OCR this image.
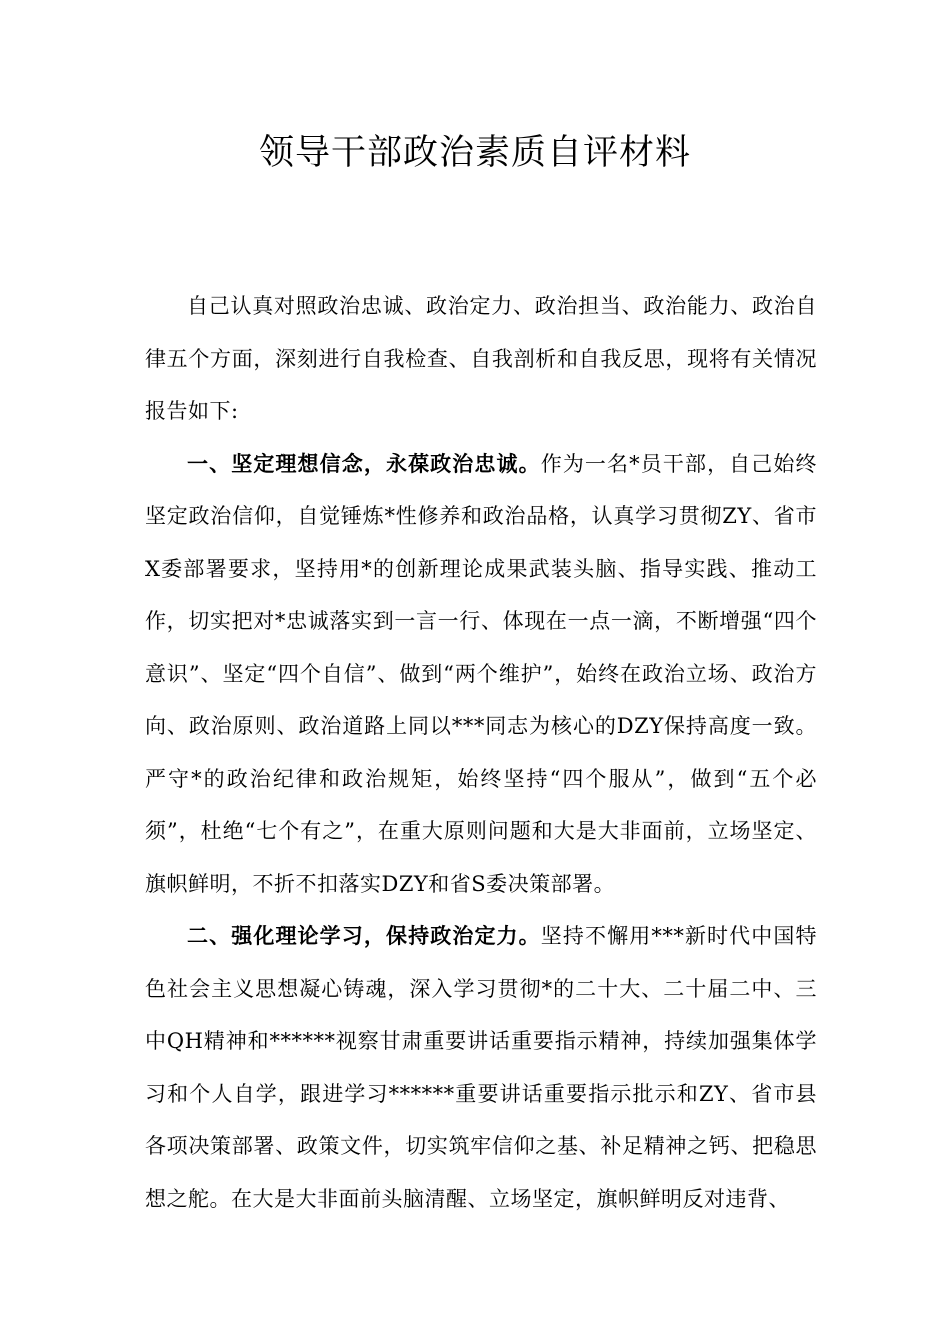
领导干部政治素质自评材料

自己认真对照政治忠诚、政治定力、政治担当、政治能力、政治自律五个方面，深刻进行自我检查、自我剖析和自我反思，现将有关情况报告如下:

一、坚定理想信念，永葆政治忠诚。作为一名*员干部，自己始终坚定政治信仰，自觉锤炼*性修养和政治品格，认真学习贯彻ZY、省市X委部署要求，坚持用*的创新理论成果武装头脑、指导实践、推动工作，切实把对*忠诚落实到一言一行、体现在一点一滴，不断增强“四个意识”、坚定“四个自信”、做到“两个维护”，始终在政治立场、政治方向、政治原则、政治道路上同以***同志为核心的DZY保持高度一致。严守*的政治纪律和政治规矩，始终坚持“四个服从”，做到“五个必须”，杜绝“七个有之”，在重大原则问题和大是大非面前，立场坚定、旗帜鲜明，不折不扣落实DZY和省S委决策部署。

二、强化理论学习，保持政治定力。坚持不懈用***新时代中国特色社会主义思想凝心铸魂，深入学习贯彻*的二十大、二十届二中、三中QH精神和******视察甘肃重要讲话重要指示精神，持续加强集体学习和个人自学，跟进学习******重要讲话重要指示批示和ZY、省市县各项决策部署、政策文件，切实筑牢信仰之基、补足精神之钙、把稳思想之舵。在大是大非面前头脑清醒、立场坚定，旗帜鲜明反对违背、
